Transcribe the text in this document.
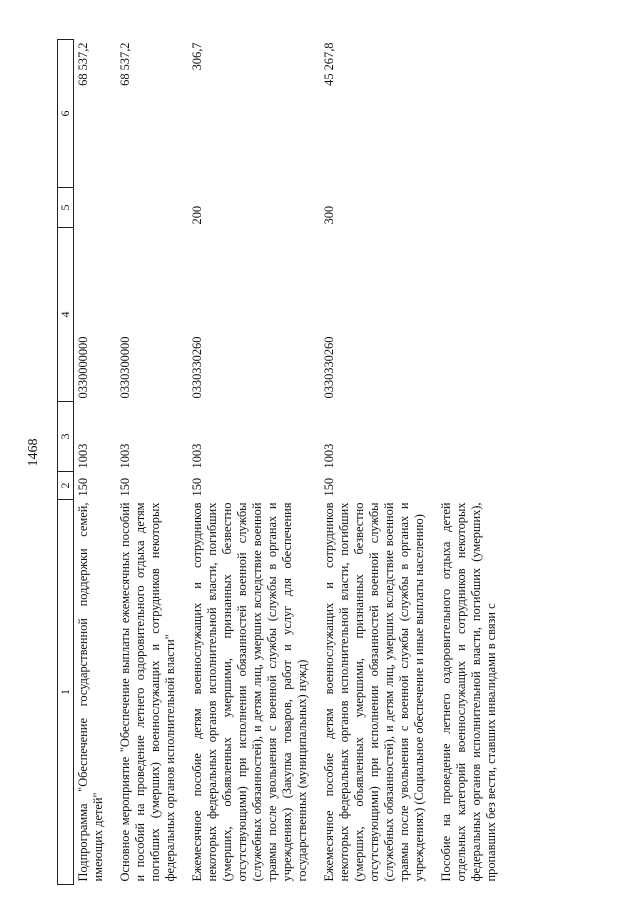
1468
1	2	3	4	5	6
Подпрограмма "Обеспечение государственной поддержки семей, имеющих детей"	150	1003	0330000000		68 537,2
Основное мероприятие "Обеспечение выплаты ежемесячных пособий и пособий на проведение летнего оздоровительного отдыха детям погибших (умерших) военнослужащих и сотрудников некоторых федеральных органов исполнительной власти"	150	1003	0330300000		68 537,2
Ежемесячное пособие детям военнослужащих и сотрудников некоторых федеральных органов исполнительной власти, погибших (умерших, объявленных умершими, признанных безвестно отсутствующими) при исполнении обязанностей военной службы (служебных обязанностей), и детям лиц, умерших вследствие военной травмы после увольнения с военной службы (службы в органах и учреждениях) (Закупка товаров, работ и услуг для обеспечения государственных (муниципальных) нужд)	150	1003	0330330260	200	306,7
Ежемесячное пособие детям военнослужащих и сотрудников некоторых федеральных органов исполнительной власти, погибших (умерших, объявленных умершими, признанных безвестно отсутствующими) при исполнении обязанностей военной службы (служебных обязанностей), и детям лиц, умерших вследствие военной травмы после увольнения с военной службы (службы в органах и учреждениях) (Социальное обеспечение и иные выплаты населению)	150	1003	0330330260	300	45 267,8

Пособие на проведение летнего оздоровительного отдыха детей отдельных категорий военнослужащих и сотрудников некоторых федеральных органов исполнительной власти, погибших (умерших), пропавших без вести, ставших инвалидами в связи с					
